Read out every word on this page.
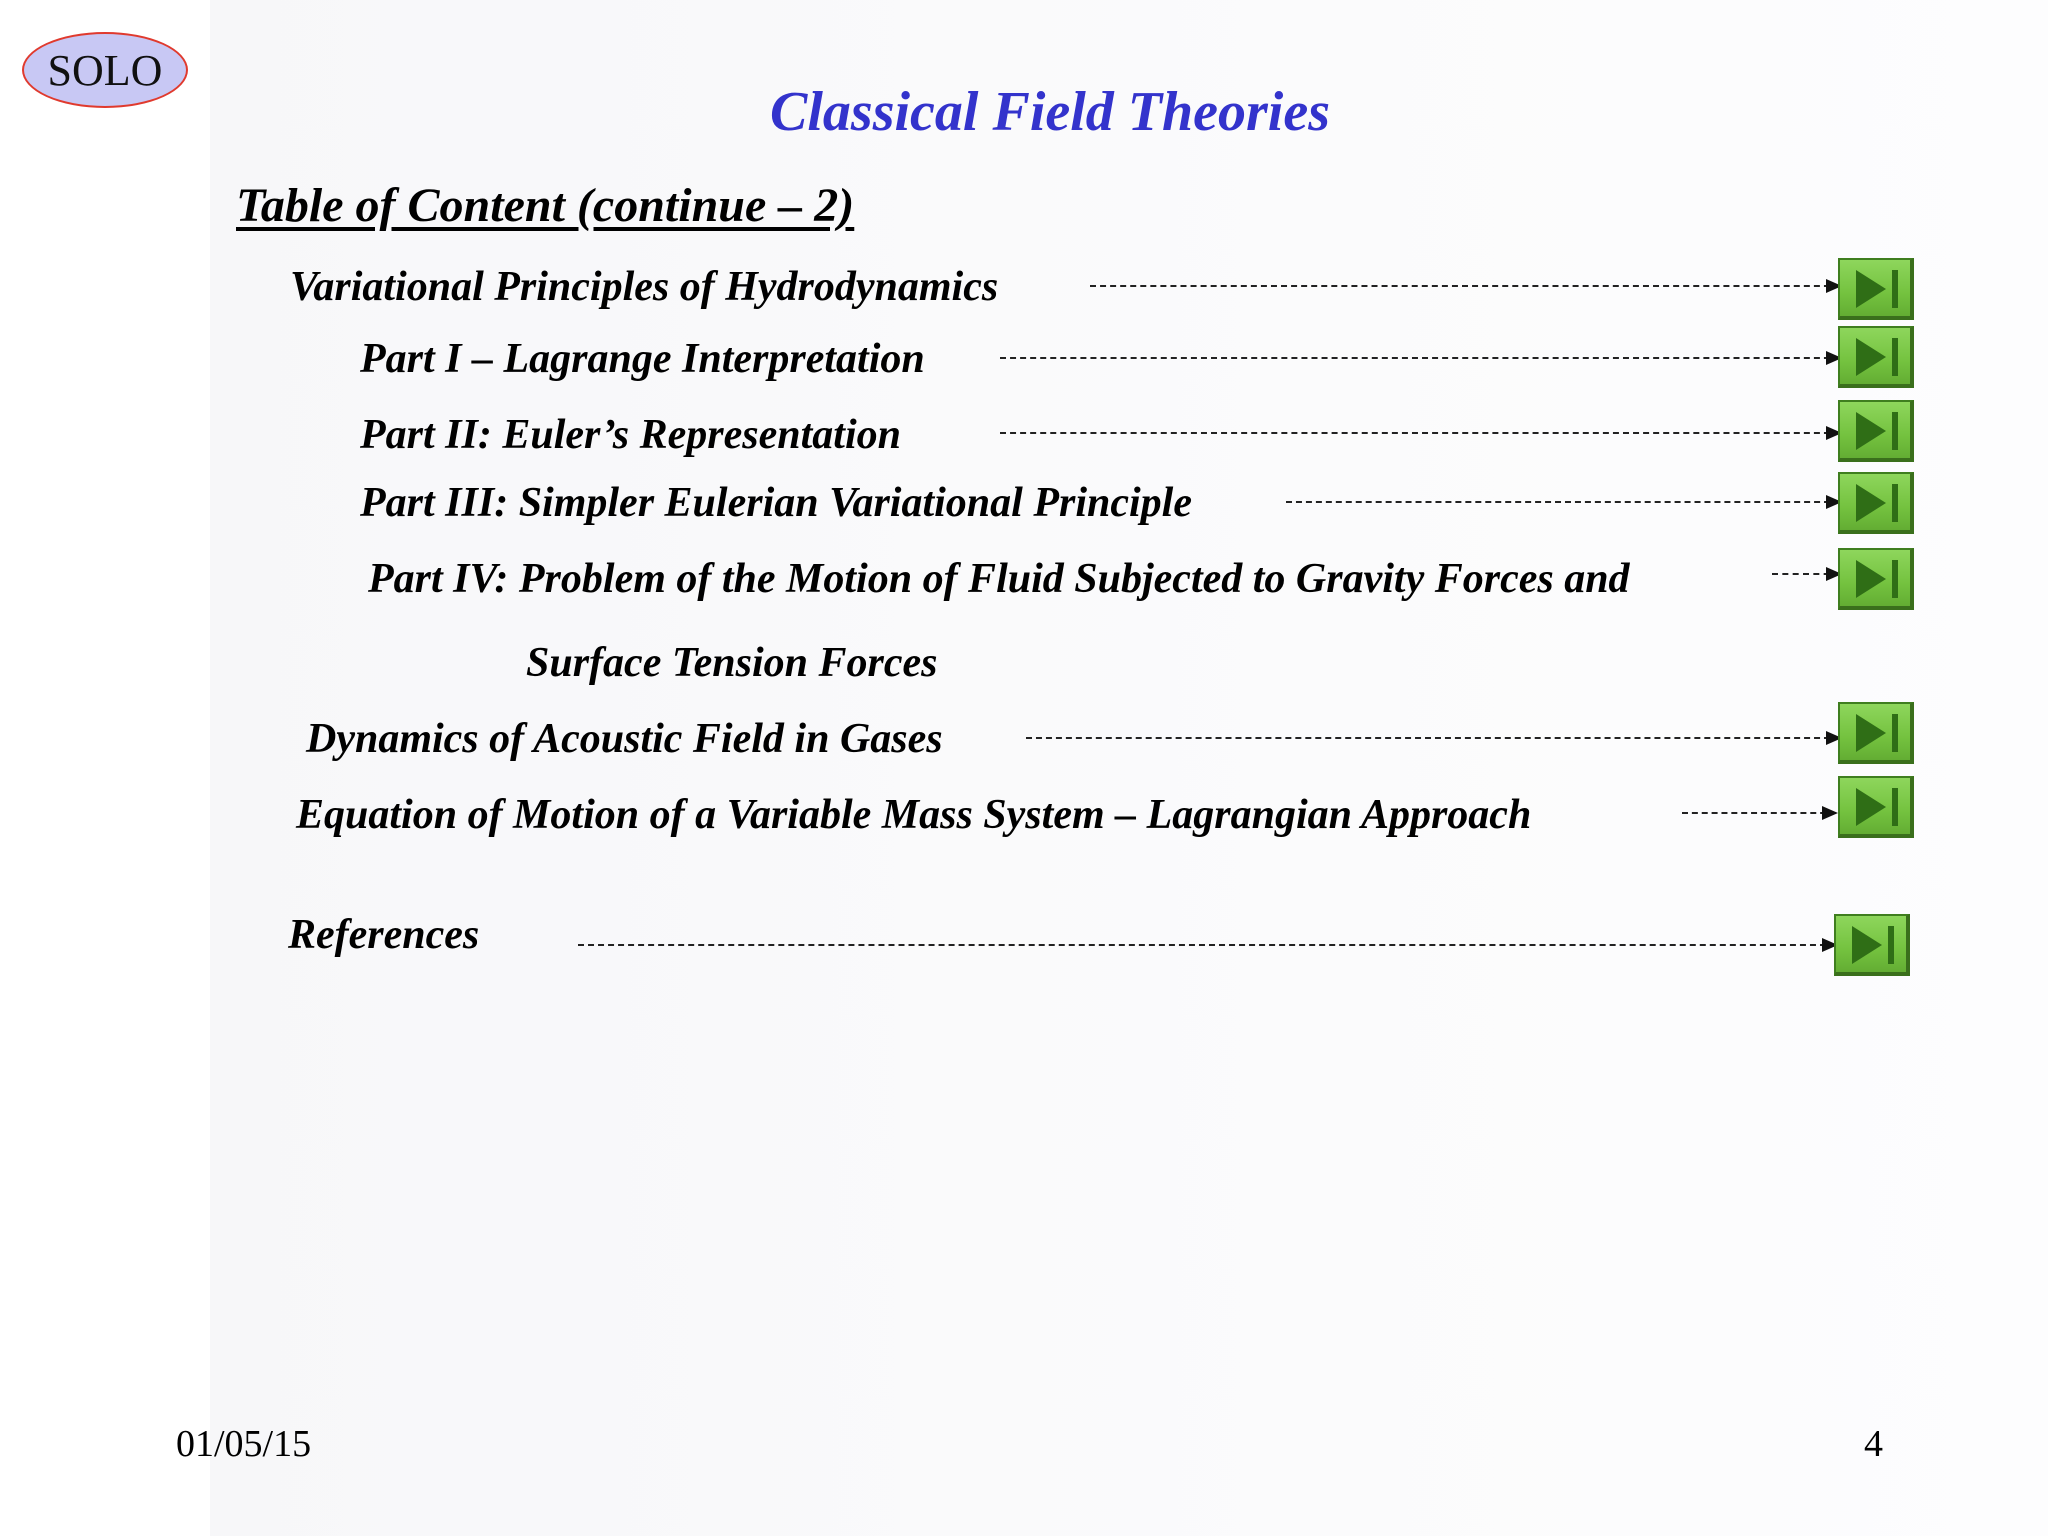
SOLO
Classical Field Theories
Table of Content (continue – 2)
Variational Principles of Hydrodynamics
Part I – Lagrange Interpretation
Part II: Euler’s Representation
Part III: Simpler Eulerian Variational Principle
Part IV: Problem of the Motion of Fluid Subjected to Gravity Forces and
Surface Tension Forces
Dynamics of Acoustic Field in Gases
Equation of Motion of a Variable Mass System – Lagrangian Approach
References
01/05/15	4
